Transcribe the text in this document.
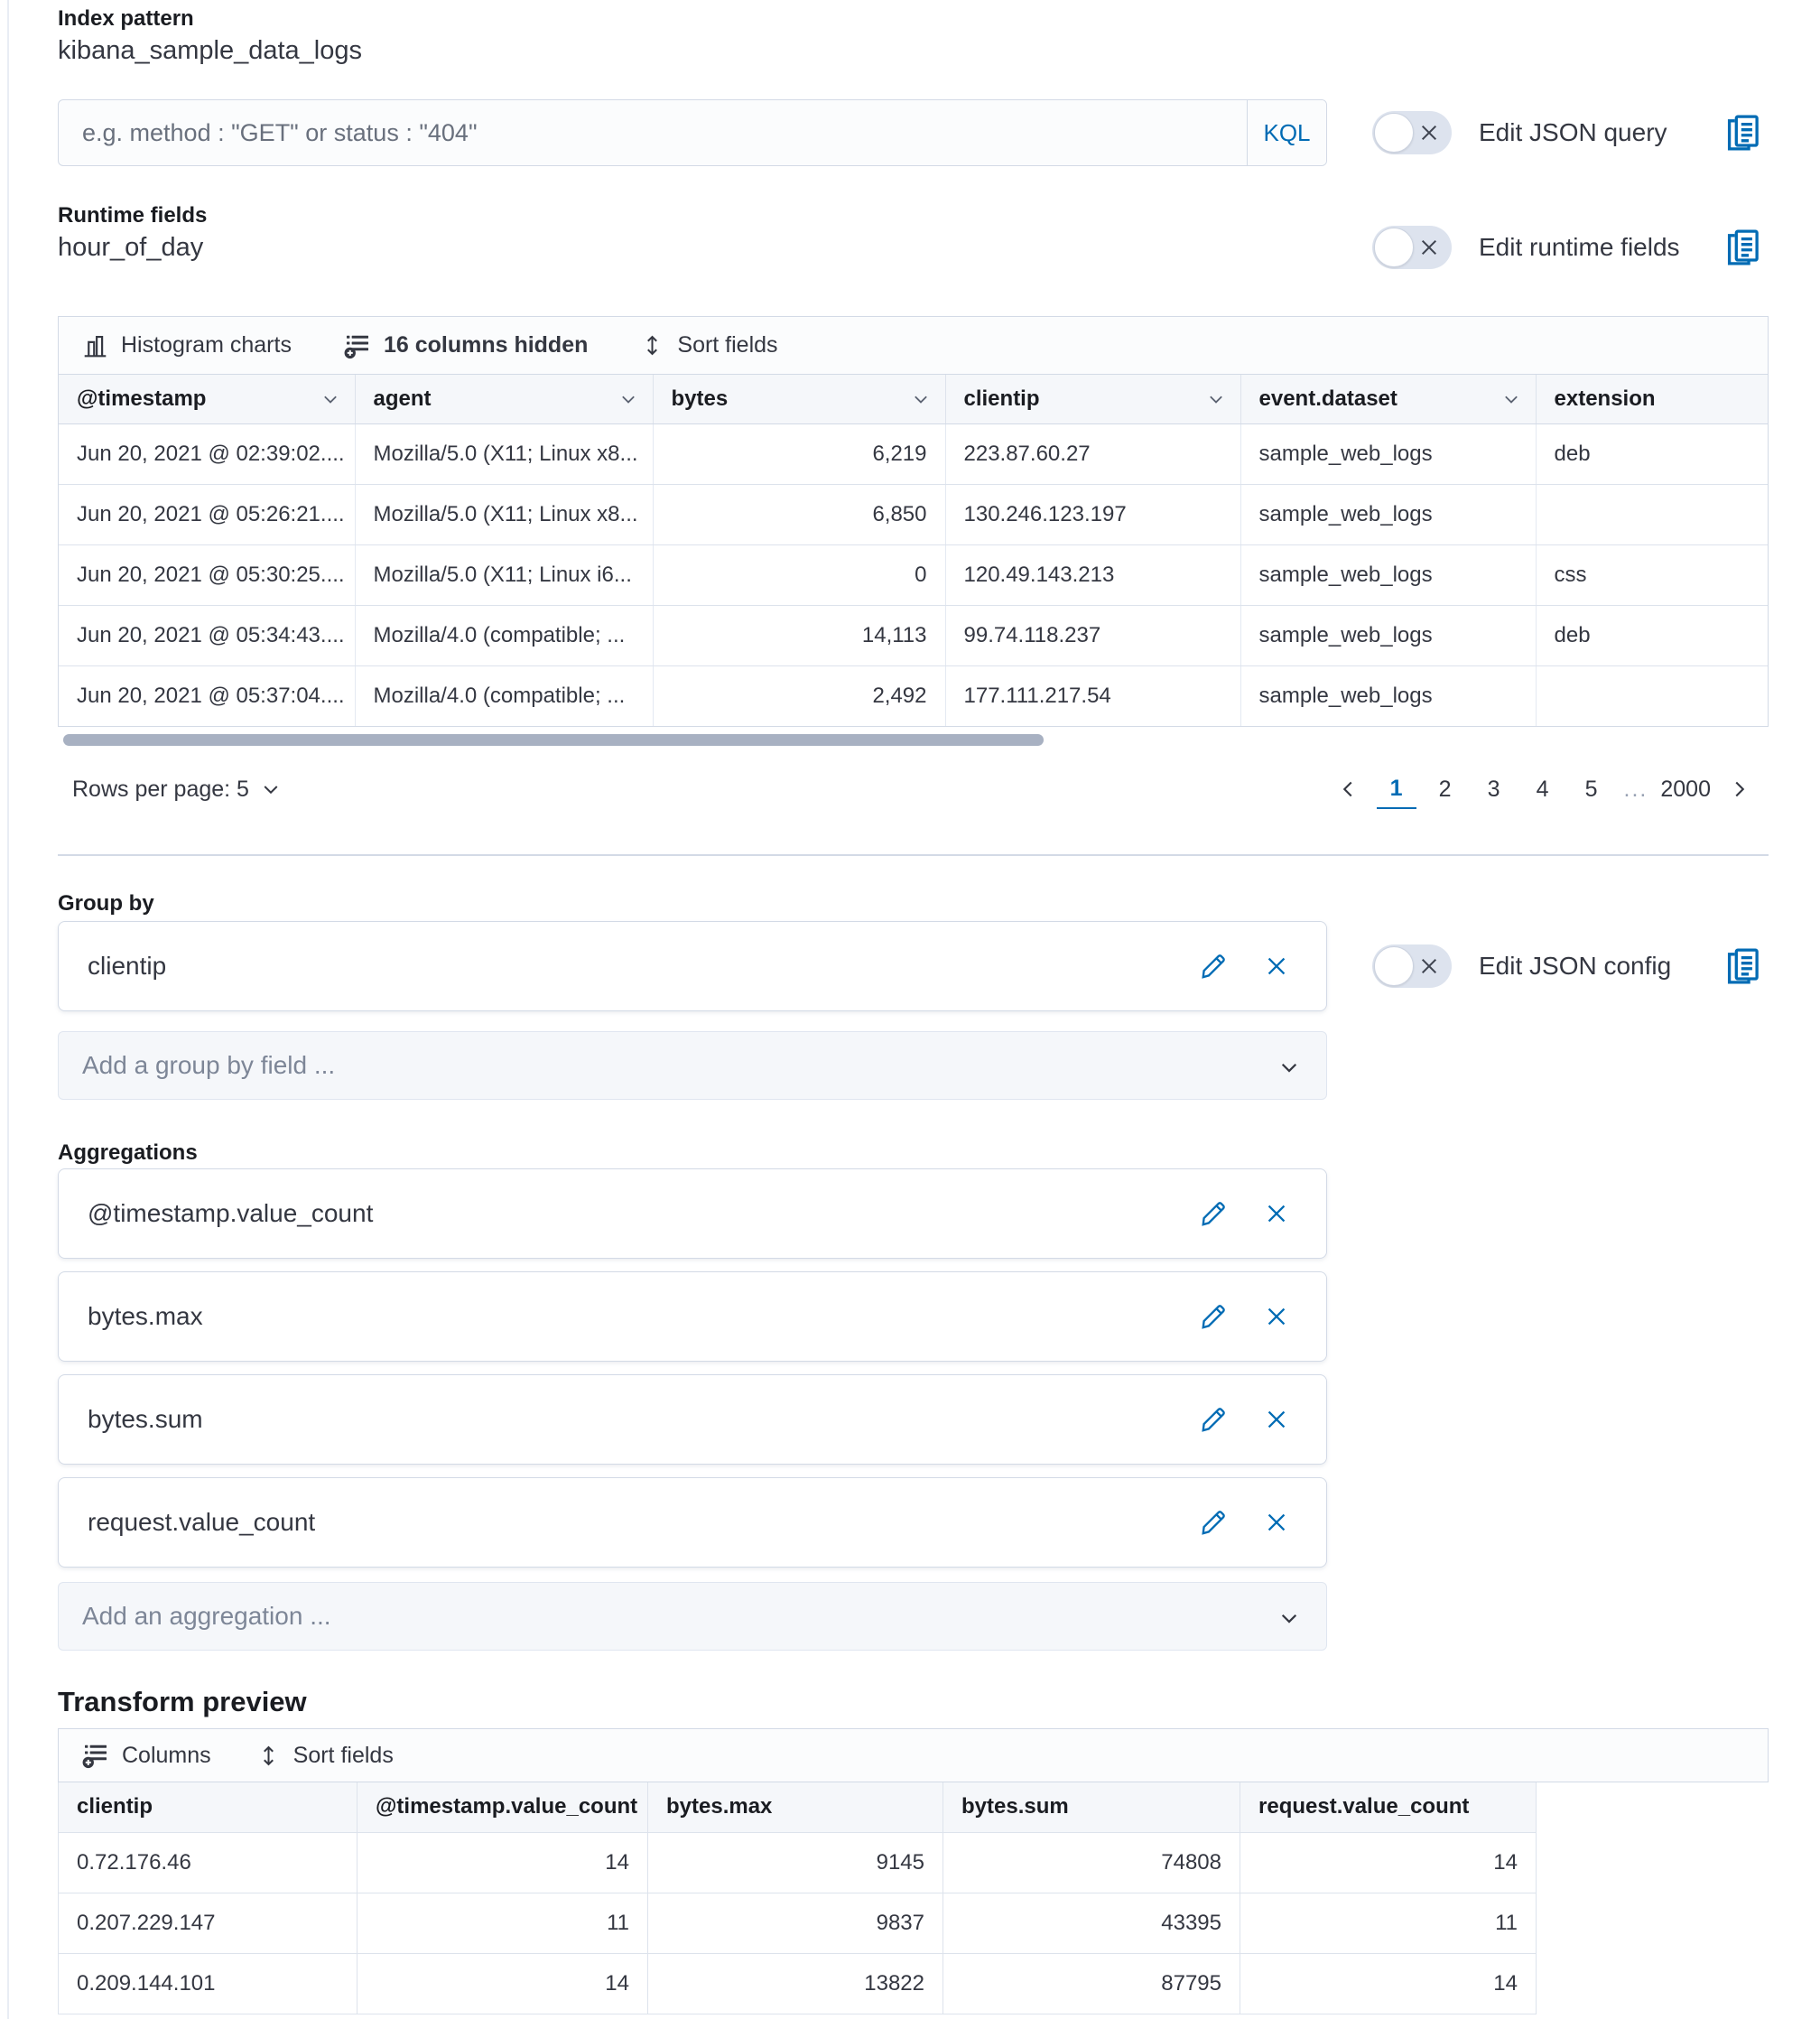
Index pattern
kibana_sample_data_logs
e.g. method : "GET" or status : "404"
KQL	Edit JSON query
Runtime fields
hour_of_day	Edit runtime fields
Histogram charts	16 columns hidden	Sort fields
@timestamp	agent	bytes	clientip	event.dataset	extension

Jun 20, 2021 @ 02:39:02....	Mozilla/5.0 (X11; Linux x8...	6,219	223.87.60.27	sample_web_logs	deb
Jun 20, 2021 @ 05:26:21....	Mozilla/5.0 (X11; Linux x8...	6,850	130.246.123.197	sample_web_logs	
Jun 20, 2021 @ 05:30:25....	Mozilla/5.0 (X11; Linux i6...	0	120.49.143.213	sample_web_logs	css
Jun 20, 2021 @ 05:34:43....	Mozilla/4.0 (compatible; ...	14,113	99.74.118.237	sample_web_logs	deb
Jun 20, 2021 @ 05:37:04....	Mozilla/4.0 (compatible; ...	2,492	177.111.217.54	sample_web_logs	
Rows per page: 5	1	2	3	4	5	... 2000
Group by
clientip	Edit JSON config
Add a group by field ...
Aggregations
@timestamp.value_count
bytes.max
bytes.sum
request.value_count
Add an aggregation ...
Transform preview
Columns	Sort fields
clientip	@timestamp.value_count	bytes.max	bytes.sum	request.value_count
0.72.176.46	14	9145	74808	14
0.207.229.147	11	9837	43395	11
0.209.144.101	14	13822	87795	14
